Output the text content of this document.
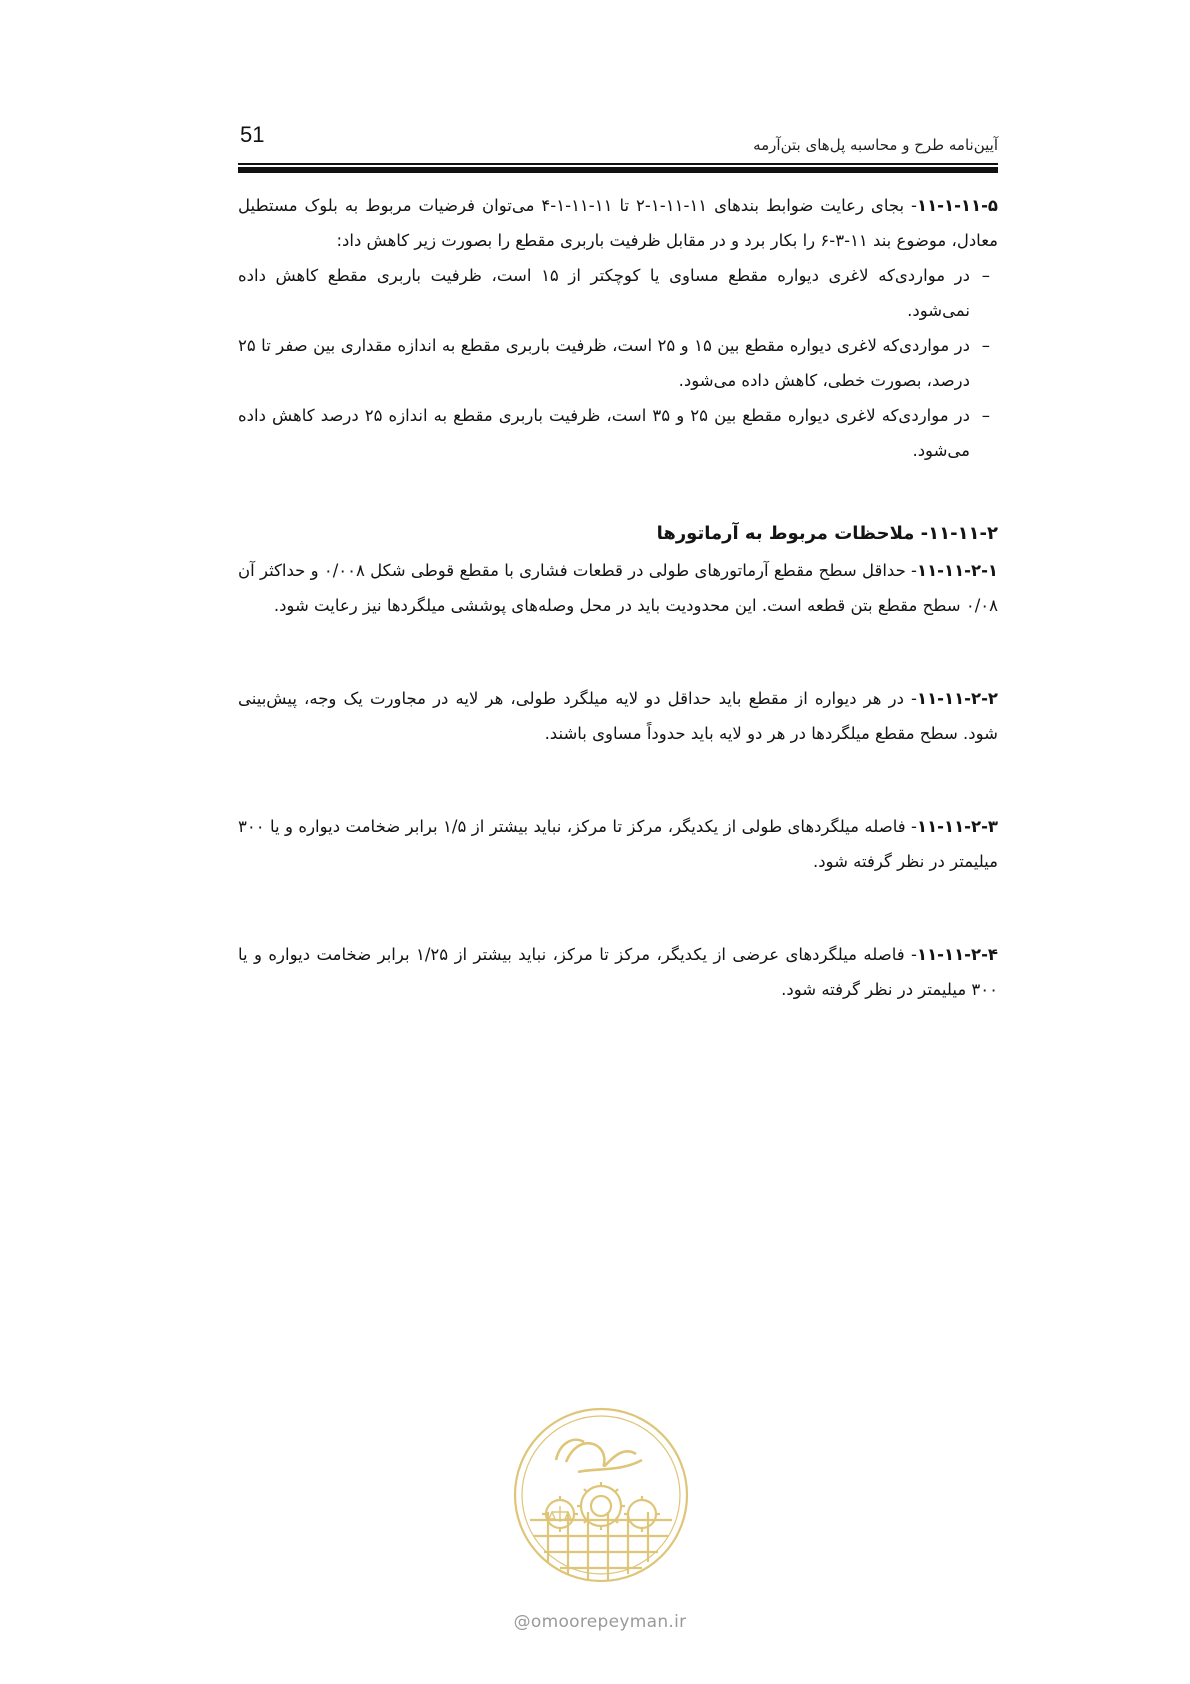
51	آیین‌نامه طرح و محاسبه پل‌های بتن‌آرمه

۱۱-۱-۱۱-۵- بجای رعایت ضوابط بندهای ۱۱-۱۱-۱-۲ تا ۱۱-۱۱-۱-۴ می‌توان فرضیات مربوط به بلوک مستطیل معادل، موضوع بند ۱۱-۳-۶ را بکار برد و در مقابل ظرفیت باربری مقطع را بصورت زیر کاهش داد:

–
در مواردی‌که لاغری دیواره مقطع مساوی یا کوچکتر از ۱۵ است، ظرفیت باربری مقطع کاهش داده نمی‌شود.
–
در مواردی‌که لاغری دیواره مقطع بین ۱۵ و ۲۵ است، ظرفیت باربری مقطع به اندازه مقداری بین صفر تا ۲۵ درصد، بصورت خطی، کاهش داده می‌شود.
–
در مواردی‌که لاغری دیواره مقطع بین ۲۵ و ۳۵ است، ظرفیت باربری مقطع به اندازه ۲۵ درصد کاهش داده می‌شود.
۱۱-۱۱-۲- ملاحظات مربوط به آرماتورها

۱۱-۱۱-۲-۱- حداقل سطح مقطع آرماتورهای طولی در قطعات فشاری با مقطع قوطی شکل ۰/۰۰۸ و حداکثر آن ۰/۰۸ سطح مقطع بتن قطعه است. این محدودیت باید در محل وصله‌های پوششی میلگردها نیز رعایت شود.

۱۱-۱۱-۲-۲- در هر دیواره از مقطع باید حداقل دو لایه میلگرد طولی، هر لایه در مجاورت یک وجه، پیش‌بینی شود. سطح مقطع میلگردها در هر دو لایه باید حدوداً مساوی باشند.

۱۱-۱۱-۲-۳- فاصله میلگردهای طولی از یکدیگر، مرکز تا مرکز، نباید بیشتر از ۱/۵ برابر ضخامت دیواره و یا ۳۰۰ میلیمتر در نظر گرفته شود.

۱۱-۱۱-۲-۴- فاصله میلگردهای عرضی از یکدیگر، مرکز تا مرکز، نباید بیشتر از ۱/۲۵ برابر ضخامت دیواره و یا ۳۰۰ میلیمتر در نظر گرفته شود.

@omoorepeyman.ir
